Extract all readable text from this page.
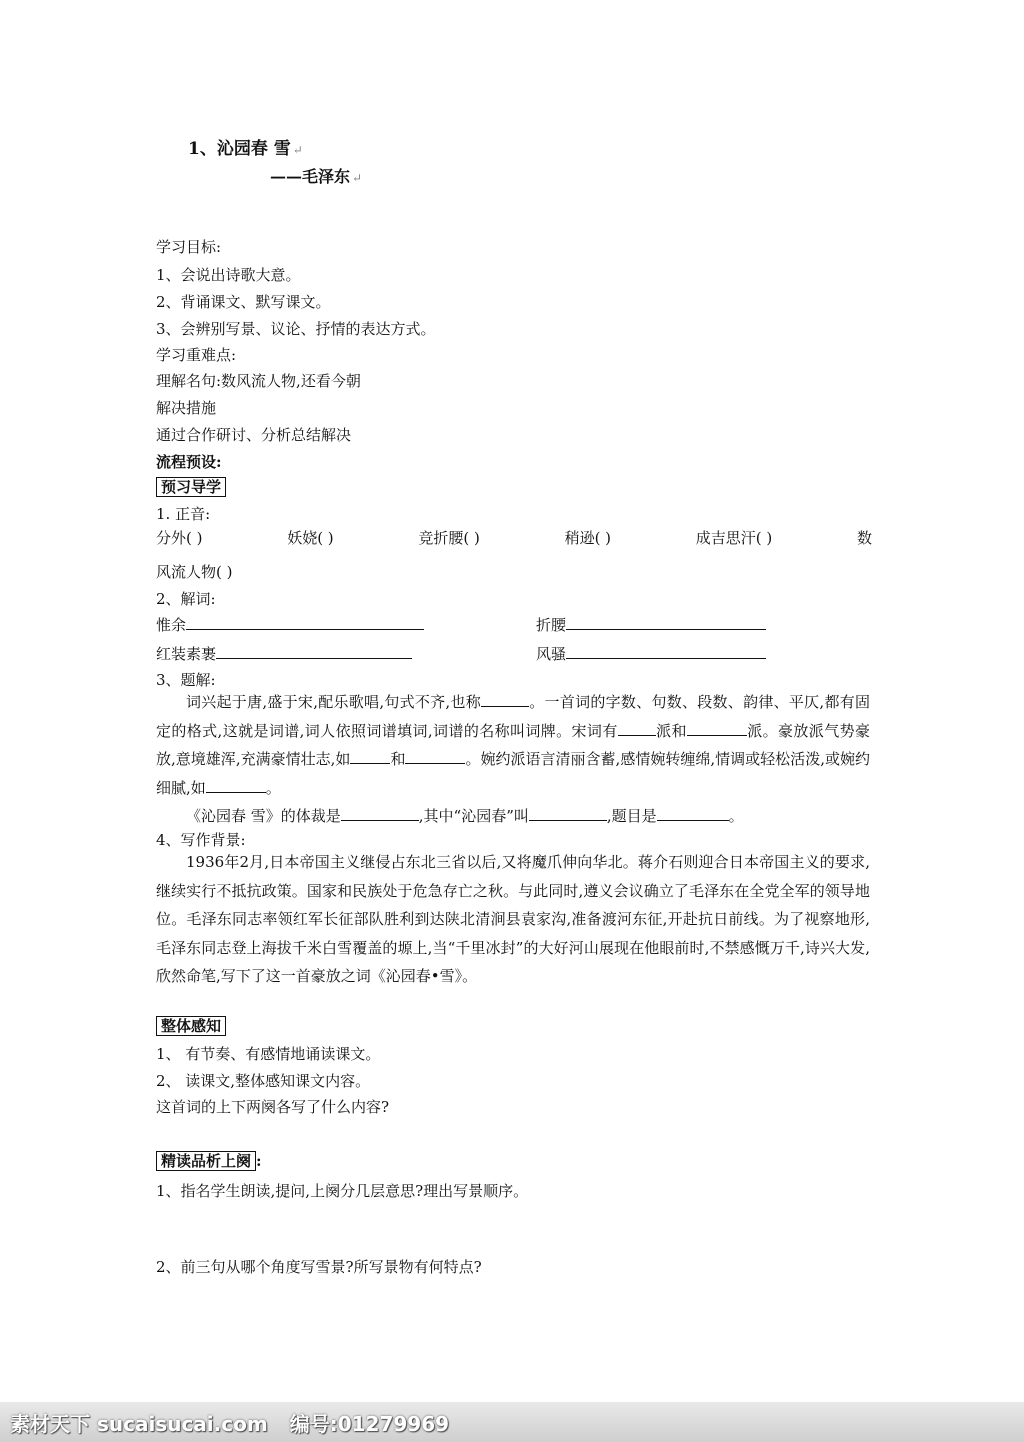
1、沁园春 雪 ↵
——毛泽东 ↵
学习目标:
1、会说出诗歌大意。
2、背诵课文、默写课文。
3、会辨别写景、议论、抒情的表达方式。
学习重难点:
理解名句:数风流人物,还看今朝
解决措施
通过合作研讨、分析总结解决
流程预设:
预习导学
1. 正音:
分外( )	妖娆( )	竞折腰( )	稍逊( )	成吉思汗( )	数
风流人物( )
2、解词:
惟余	折腰
红装素裹	风骚
3、题解:
词兴起于唐,盛于宋,配乐歌唱,句式不齐,也称	。一首词的字数、句数、段数、韵律、平仄,都有固定的格式,这就是词谱,词人依照词谱填词,词谱的名称叫词牌。宋词有	派和	派。豪放派气势豪放,意境雄浑,充满豪情壮志,如	和	。婉约派语言清丽含蓄,感情婉转缠绵,情调或轻松活泼,或婉约细腻,如	。
《沁园春 雪》的体裁是	,其中“沁园春”叫	,题目是	。
4、写作背景:
1936年2月,日本帝国主义继侵占东北三省以后,又将魔爪伸向华北。蒋介石则迎合日本帝国主义的要求,继续实行不抵抗政策。国家和民族处于危急存亡之秋。与此同时,遵义会议确立了毛泽东在全党全军的领导地位。毛泽东同志率领红军长征部队胜利到达陕北清涧县袁家沟,准备渡河东征,开赴抗日前线。为了视察地形,毛泽东同志登上海拔千米白雪覆盖的塬上,当“千里冰封”的大好河山展现在他眼前时,不禁感慨万千,诗兴大发,欣然命笔,写下了这一首豪放之词《沁园春•雪》。
整体感知
1、 有节奏、有感情地诵读课文。
2、 读课文,整体感知课文内容。
这首词的上下两阕各写了什么内容?
精读品析上阕 :
1、指名学生朗读,提问,上阕分几层意思?理出写景顺序。
2、前三句从哪个角度写雪景?所写景物有何特点?
素材天下 sucaisucai.com 编号:01279969
